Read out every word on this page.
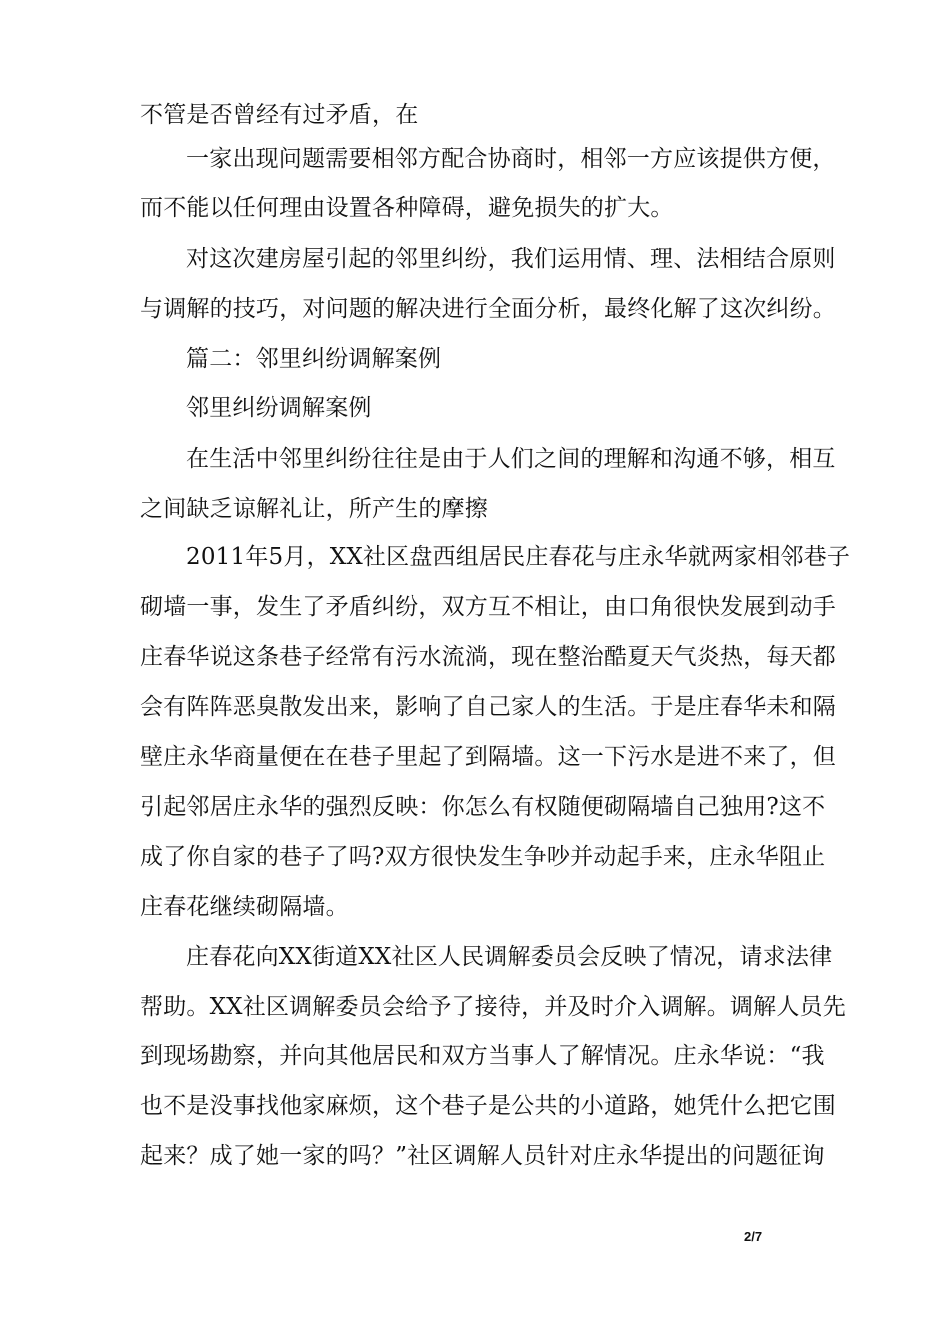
不管是否曾经有过矛盾，在
一家出现问题需要相邻方配合协商时，相邻一方应该提供方便，
而不能以任何理由设置各种障碍，避免损失的扩大。
对这次建房屋引起的邻里纠纷，我们运用情、理、法相结合原则
与调解的技巧，对问题的解决进行全面分析，最终化解了这次纠纷。
篇二：邻里纠纷调解案例
邻里纠纷调解案例
在生活中邻里纠纷往往是由于人们之间的理解和沟通不够，相互
之间缺乏谅解礼让，所产生的摩擦
2011年5月，XX社区盘西组居民庄春花与庄永华就两家相邻巷子
砌墙一事，发生了矛盾纠纷，双方互不相让，由口角很快发展到动手
庄春华说这条巷子经常有污水流淌，现在整治酷夏天气炎热，每天都
会有阵阵恶臭散发出来，影响了自己家人的生活。于是庄春华未和隔
壁庄永华商量便在在巷子里起了到隔墙。这一下污水是进不来了，但
引起邻居庄永华的强烈反映：你怎么有权随便砌隔墙自己独用?这不
成了你自家的巷子了吗?双方很快发生争吵并动起手来，庄永华阻止
庄春花继续砌隔墙。
庄春花向XX街道XX社区人民调解委员会反映了情况，请求法律
帮助。XX社区调解委员会给予了接待，并及时介入调解。调解人员先
到现场勘察，并向其他居民和双方当事人了解情况。庄永华说：“我
也不是没事找他家麻烦，这个巷子是公共的小道路，她凭什么把它围
起来？成了她一家的吗？”社区调解人员针对庄永华提出的问题征询
2/7
